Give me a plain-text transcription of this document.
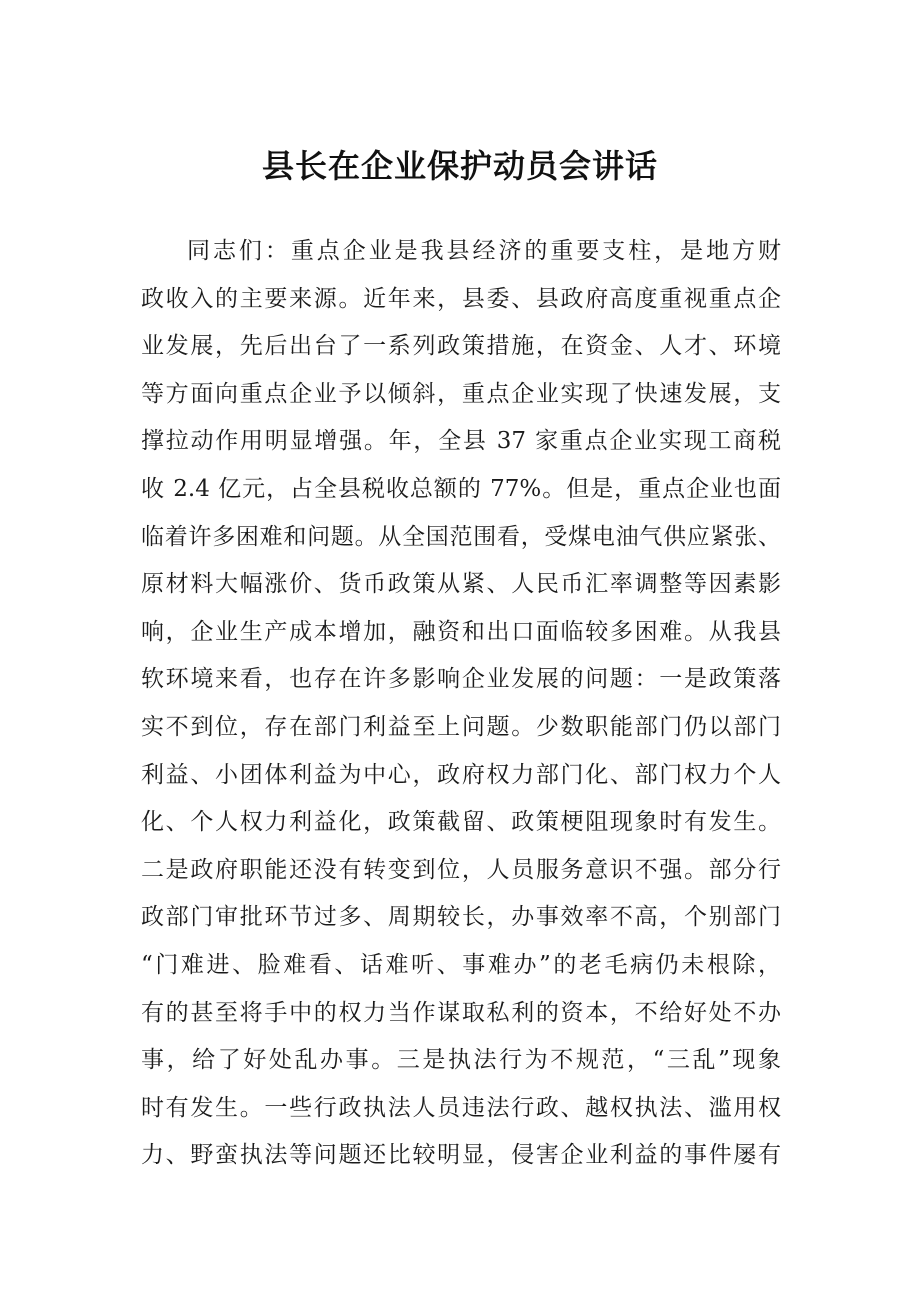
县长在企业保护动员会讲话
同志们：重点企业是我县经济的重要支柱，是地方财
政收入的主要来源。近年来，县委、县政府高度重视重点企
业发展，先后出台了一系列政策措施，在资金、人才、环境
等方面向重点企业予以倾斜，重点企业实现了快速发展，支
撑拉动作用明显增强。年，全县 37 家重点企业实现工商税
收 2.4 亿元，占全县税收总额的 77%。但是，重点企业也面
临着许多困难和问题。从全国范围看，受煤电油气供应紧张、
原材料大幅涨价、货币政策从紧、人民币汇率调整等因素影
响，企业生产成本增加，融资和出口面临较多困难。从我县
软环境来看，也存在许多影响企业发展的问题：一是政策落
实不到位，存在部门利益至上问题。少数职能部门仍以部门
利益、小团体利益为中心，政府权力部门化、部门权力个人
化、个人权力利益化，政策截留、政策梗阻现象时有发生。
二是政府职能还没有转变到位，人员服务意识不强。部分行
政部门审批环节过多、周期较长，办事效率不高，个别部门
“门难进、脸难看、话难听、事难办”的老毛病仍未根除，
有的甚至将手中的权力当作谋取私利的资本，不给好处不办
事，给了好处乱办事。三是执法行为不规范，“三乱”现象
时有发生。一些行政执法人员违法行政、越权执法、滥用权
力、野蛮执法等问题还比较明显，侵害企业利益的事件屡有
